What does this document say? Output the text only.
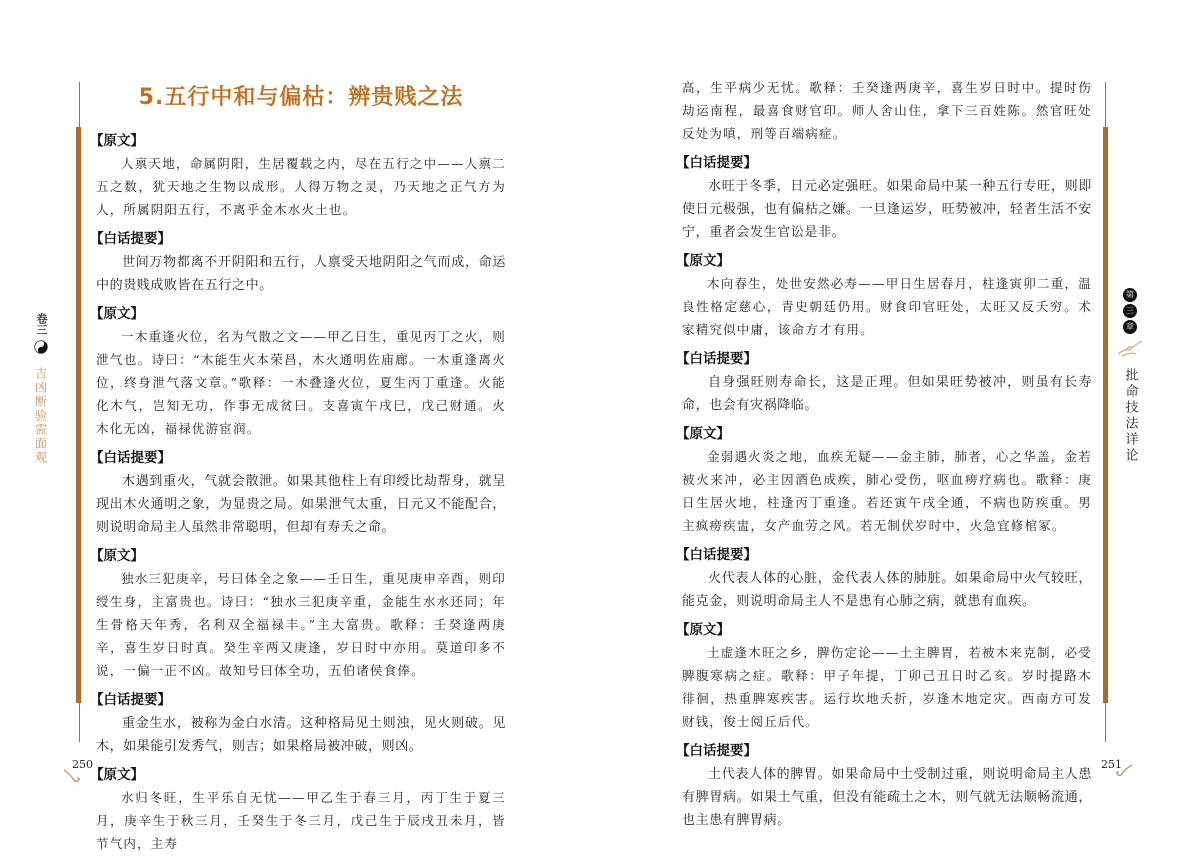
卷三
吉凶断验需面观
5.五行中和与偏枯：辨贵贱之法
【原文】

人禀天地，命属阴阳，生居覆载之内，尽在五行之中——人禀二五之数，犹天地之生物以成形。人得万物之灵，乃天地之正气方为人，所属阴阳五行，不离乎金木水火土也。

【白话提要】

世间万物都离不开阴阳和五行，人禀受天地阴阳之气而成，命运中的贵贱成败皆在五行之中。

【原文】

一木重逢火位，名为气散之文——甲乙日生，重见丙丁之火，则泄气也。诗曰：“木能生火本荣昌，木火通明佐庙廊。一木重逢离火位，终身泄气落文章。”歌释：一木叠逢火位，夏生丙丁重逢。火能化木气，岂知无功，作事无成贫曰。支喜寅午戌巳，戊己财通。火木化无凶，福禄优游宦润。

【白话提要】

木遇到重火，气就会散泄。如果其他柱上有印绶比劫帮身，就呈现出木火通明之象，为显贵之局。如果泄气太重，日元又不能配合，则说明命局主人虽然非常聪明，但却有寿夭之命。

【原文】

独水三犯庚辛，号曰体全之象——壬日生，重见庚申辛酉，则印绶生身，主富贵也。诗曰：“独水三犯庚辛重，金能生水水还同；年生骨格天年秀，名利双全福禄丰。”主大富贵。歌释：壬癸逢两庚辛，喜生岁日时真。癸生辛两又庚逢，岁日时中亦用。莫道印多不说，一偏一正不凶。故知号曰体全功，五伯诸侯食俸。

【白话提要】

重金生水，被称为金白水清。这种格局见土则浊，见火则破。见木，如果能引发秀气，则吉；如果格局被冲破，则凶。

【原文】

水归冬旺，生平乐自无忧——甲乙生于春三月，丙丁生于夏三月，庚辛生于秋三月，壬癸生于冬三月，戊己生于辰戌丑未月，皆节气内，主寿

250
第
三
章
批命技法详论

高，生平病少无忧。歌释：壬癸逢两庚辛，喜生岁日时中。提时伤劫运南程，最喜食财官印。师人舍山住，拿下三百姓陈。然官旺处反处为嗔，刑等百端病症。

【白话提要】

水旺于冬季，日元必定强旺。如果命局中某一种五行专旺，则即使日元极强，也有偏枯之嫌。一旦逢运岁，旺势被冲，轻者生活不安宁，重者会发生官讼是非。

【原文】

木向春生，处世安然必寿——甲日生居春月，柱逢寅卯二重，温良性格定慈心，青史朝廷仍用。财食印官旺处，太旺又反夭穷。术家精究似中庸，该命方才有用。

【白话提要】

自身强旺则寿命长，这是正理。但如果旺势被冲，则虽有长寿命，也会有灾祸降临。

【原文】

金弱遇火炎之地，血疾无疑——金主肺，肺者，心之华盖，金若被火来冲，必主因酒色成疾，肺心受伤，呕血痨疗病也。歌释：庚日生居火地，柱逢丙丁重逢。若还寅午戌全通，不病也防疾重。男主疯痨疾盅，女产血劳之风。若无制伏岁时中，火急宜修棺冢。

【白话提要】

火代表人体的心脏，金代表人体的肺脏。如果命局中火气较旺，能克金，则说明命局主人不是患有心肺之病，就患有血疾。

【原文】

土虚逢木旺之乡，脾伤定论——土主脾胃，若被木来克制，必受脾腹寒病之症。歌释：甲子年提，丁卯己丑日时乙亥。岁时提路木徘徊，热重脾寒疾害。运行坎地夭折，岁逢木地定灾。西南方可发财钱，俊士阅丘后代。

【白话提要】

土代表人体的脾胃。如果命局中土受制过重，则说明命局主人患有脾胃病。如果土气重，但没有能疏土之木，则气就无法顺畅流通，也主患有脾胃病。

251
